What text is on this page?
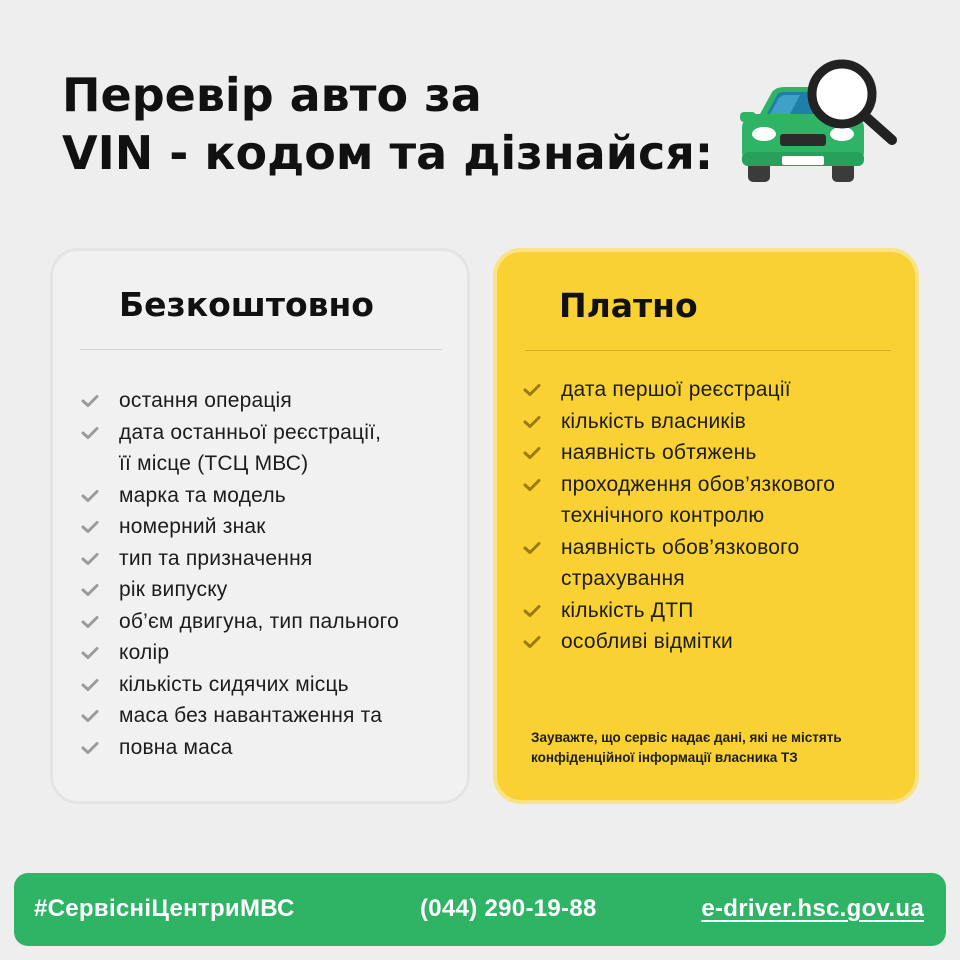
Перевір авто за
VIN - кодом та дізнайся:
Безкоштовно
остання операція
дата останньої реєстрації,
її місце (ТСЦ МВС)
марка та модель
номерний знак
тип та призначення
рік випуску
об’єм двигуна, тип пального
колір
кількість сидячих місць
маса без навантаження та
повна маса
Платно
дата першої реєстрації
кількість власників
наявність обтяжень
проходження обов’язкового
технічного контролю
наявність обов’язкового
страхування
кількість ДТП
особливі відмітки
Зауважте, що сервіс надає дані, які не містять конфіденційної інформації власника ТЗ
#СервісніЦентриМВС	(044) 290-19-88	e-driver.hsc.gov.ua
